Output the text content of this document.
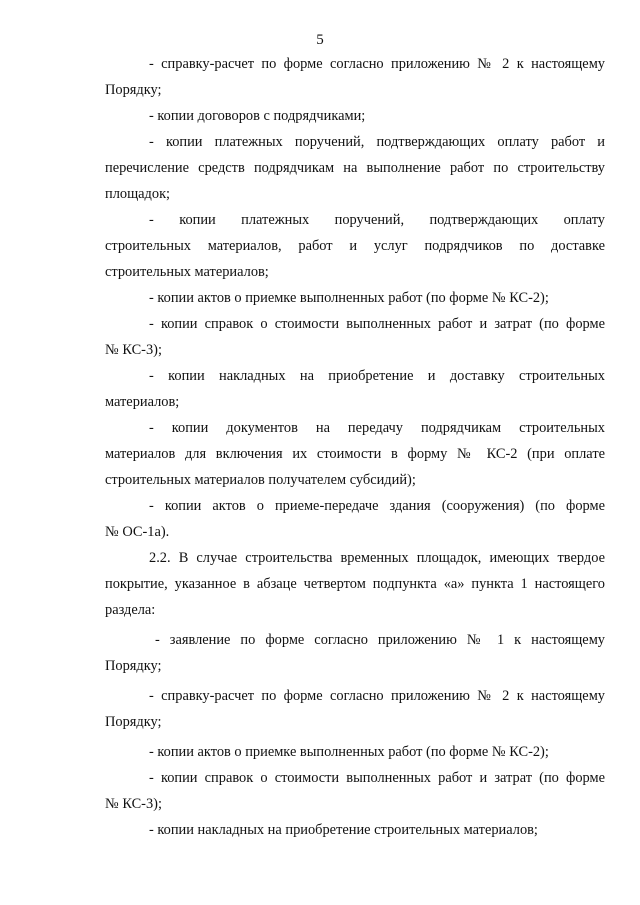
5
- справку-расчет по форме согласно приложению № 2 к настоящему
Порядку;
- копии договоров с подрядчиками;
- копии платежных поручений, подтверждающих оплату работ и
перечисление средств подрядчикам на выполнение работ по строительству
площадок;
- копии платежных поручений, подтверждающих оплату
строительных материалов, работ и услуг подрядчиков по доставке
строительных материалов;
- копии актов о приемке выполненных работ (по форме № КС-2);
- копии справок о стоимости выполненных работ и затрат (по форме
№ КС-3);
- копии накладных на приобретение и доставку строительных
материалов;
- копии документов на передачу подрядчикам строительных
материалов для включения их стоимости в форму № КС-2 (при оплате
строительных материалов получателем субсидий);
- копии актов о приеме-передаче здания (сооружения) (по форме
№ ОС-1а).
2.2. В случае строительства временных площадок, имеющих твердое
покрытие, указанное в абзаце четвертом подпункта «а» пункта 1 настоящего
раздела:
- заявление по форме согласно приложению № 1 к настоящему
Порядку;
- справку-расчет по форме согласно приложению № 2 к настоящему
Порядку;
- копии актов о приемке выполненных работ (по форме № КС-2);
- копии справок о стоимости выполненных работ и затрат (по форме
№ КС-3);
- копии накладных на приобретение строительных материалов;
